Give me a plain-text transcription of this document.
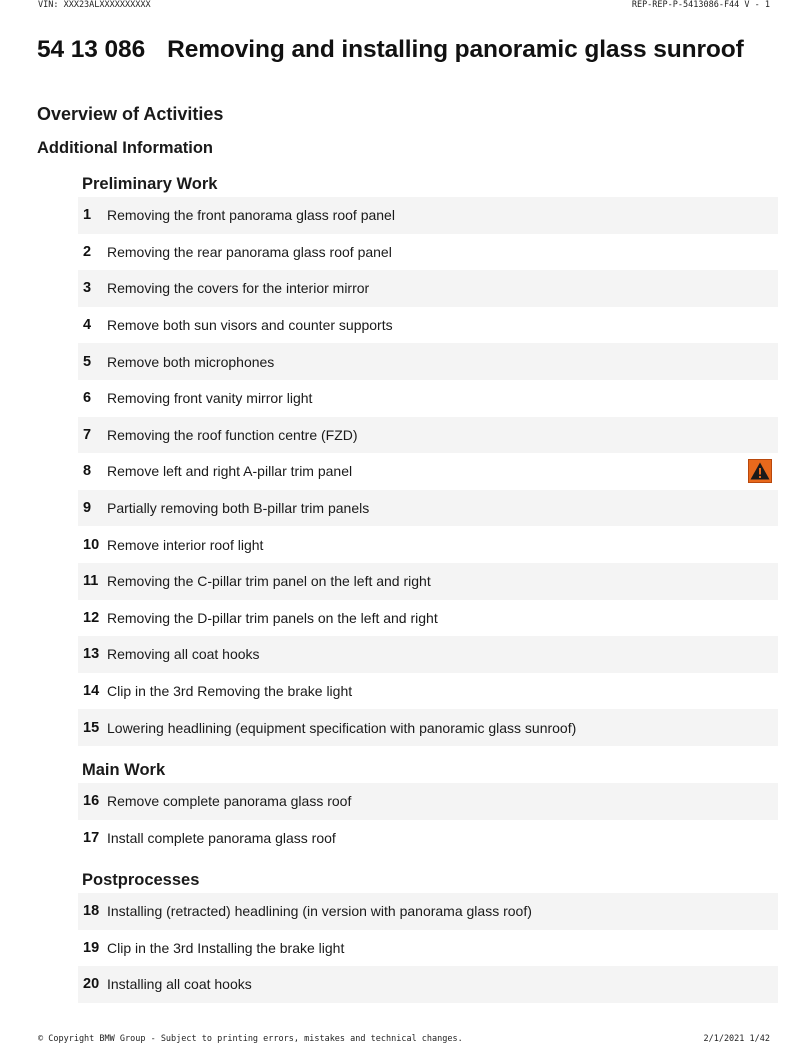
VIN: XXX23ALXXXXXXXXXX	REP-REP-P-5413086-F44 V - 1
54 13 086 Removing and installing panoramic glass sunroof
Overview of Activities
Additional Information
Preliminary Work
1	Removing the front panorama glass roof panel
2	Removing the rear panorama glass roof panel
3	Removing the covers for the interior mirror
4	Remove both sun visors and counter supports
5	Remove both microphones
6	Removing front vanity mirror light
7	Removing the roof function centre (FZD)
8	Remove left and right A-pillar trim panel
9	Partially removing both B-pillar trim panels
10 Remove interior roof light
11 Removing the C-pillar trim panel on the left and right
12 Removing the D-pillar trim panels on the left and right
13 Removing all coat hooks
14 Clip in the 3rd Removing the brake light
15 Lowering headlining (equipment specification with panoramic glass sunroof)
Main Work
16 Remove complete panorama glass roof
17 Install complete panorama glass roof
Postprocesses
18 Installing (retracted) headlining (in version with panorama glass roof)
19 Clip in the 3rd Installing the brake light
20 Installing all coat hooks
© Copyright BMW Group - Subject to printing errors, mistakes and technical changes.	2/1/2021 1/42
